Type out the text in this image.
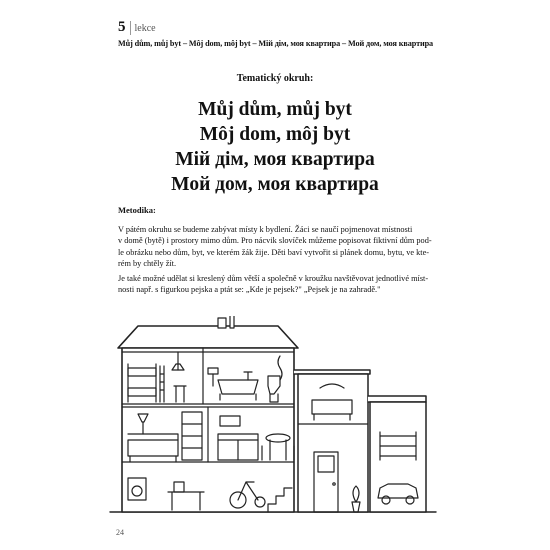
5 lekce
Můj dům, můj byt – Môj dom, môj byt – Мій дім, моя квартира – Мой дом, моя квартира
Tematický okruh:
Můj dům, můj byt
Môj dom, môj byt
Мій дім, моя квартира
Мой дом, моя квартира
Metodika:
V pátém okruhu se budeme zabývat místy k bydlení. Žáci se naučí pojmenovat místnosti
v domě (bytě) i prostory mimo dům. Pro nácvik slovíček můžeme popisovat fiktivní dům pod-
le obrázku nebo dům, byt, ve kterém žák žije. Děti baví vytvořit si plánek domu, bytu, ve kte-
rém by chtěly žít.
Je také možné udělat si kreslený dům větší a společně v kroužku navštěvovat jednotlivé míst-
nosti např. s figurkou pejska a ptát se: „Kde je pejsek?" „Pejsek je na zahradě."
24
